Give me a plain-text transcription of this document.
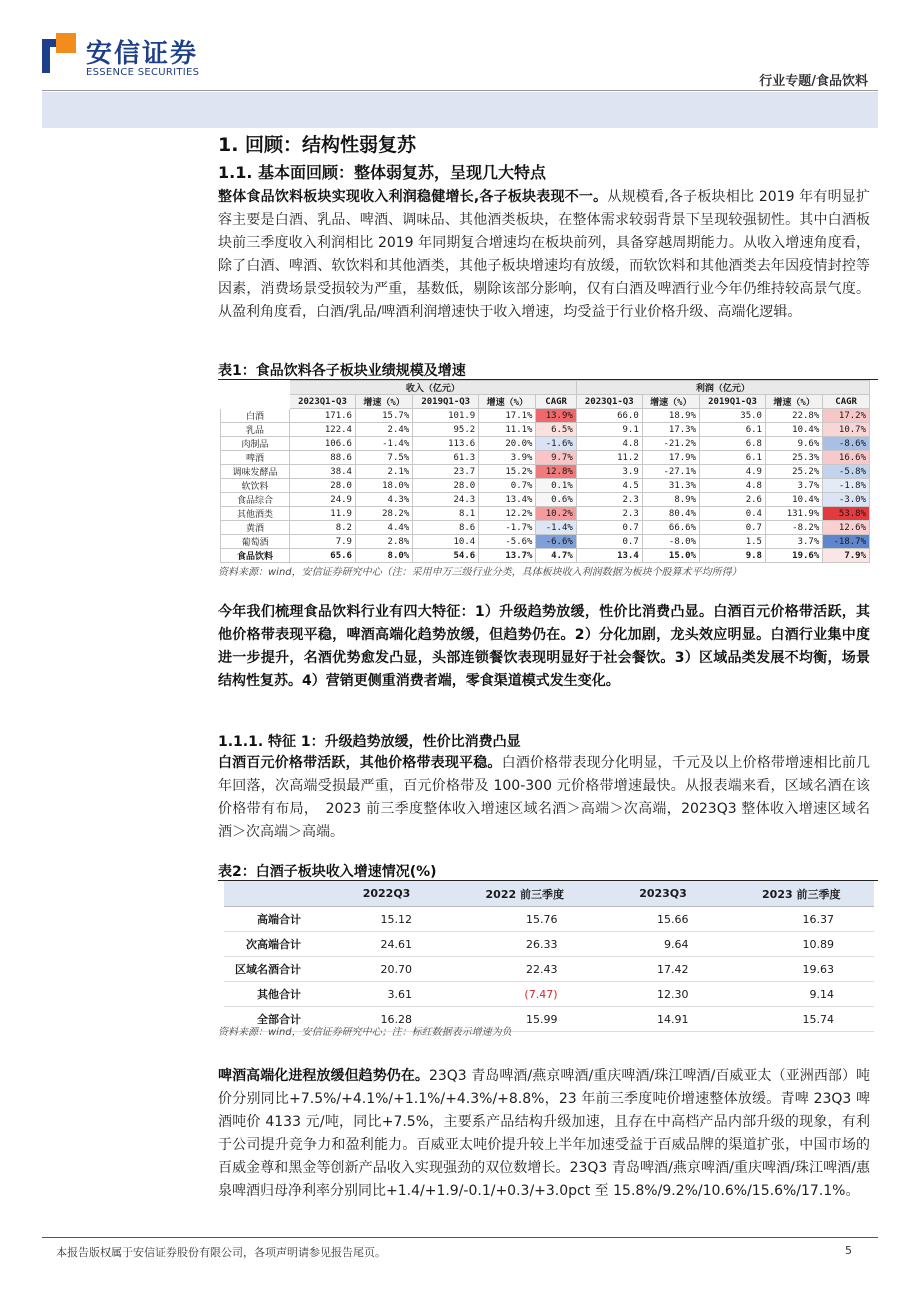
安信证券
ESSENCE SECURITIES
行业专题/食品饮料
1. 回顾：结构性弱复苏
1.1. 基本面回顾：整体弱复苏，呈现几大特点
整体食品饮料板块实现收入利润稳健增长,各子板块表现不一。从规模看,各子板块相比 2019 年有明显扩容主要是白酒、乳品、啤酒、调味品、其他酒类板块，在整体需求较弱背景下呈现较强韧性。其中白酒板块前三季度收入利润相比 2019 年同期复合增速均在板块前列，具备穿越周期能力。从收入增速角度看，除了白酒、啤酒、软饮料和其他酒类，其他子板块增速均有放缓，而软饮料和其他酒类去年因疫情封控等因素，消费场景受损较为严重，基数低，剔除该部分影响，仅有白酒及啤酒行业今年仍维持较高景气度。从盈利角度看，白酒/乳品/啤酒利润增速快于收入增速，均受益于行业价格升级、高端化逻辑。
表1：食品饮料各子板块业绩规模及增速
	收入（亿元）					利润（亿元）				
	2023Q1-Q3	增速（%）	2019Q1-Q3	增速（%）	CAGR	2023Q1-Q3	增速（%）	2019Q1-Q3	增速（%）	CAGR
白酒	171.6	15.7%	101.9	17.1%	13.9%	66.0	18.9%	35.0	22.8%	17.2%
乳品	122.4	2.4%	95.2	11.1%	6.5%	9.1	17.3%	6.1	10.4%	10.7%
肉制品	106.6	-1.4%	113.6	20.0%	-1.6%	4.8	-21.2%	6.8	9.6%	-8.6%
啤酒	88.6	7.5%	61.3	3.9%	9.7%	11.2	17.9%	6.1	25.3%	16.6%
调味发酵品	38.4	2.1%	23.7	15.2%	12.8%	3.9	-27.1%	4.9	25.2%	-5.8%
软饮料	28.0	18.0%	28.0	0.7%	0.1%	4.5	31.3%	4.8	3.7%	-1.8%
食品综合	24.9	4.3%	24.3	13.4%	0.6%	2.3	8.9%	2.6	10.4%	-3.0%
其他酒类	11.9	28.2%	8.1	12.2%	10.2%	2.3	80.4%	0.4	131.9%	53.8%
黄酒	8.2	4.4%	8.6	-1.7%	-1.4%	0.7	66.6%	0.7	-8.2%	12.6%
葡萄酒	7.9	2.8%	10.4	-5.6%	-6.6%	0.7	-8.0%	1.5	3.7%	-18.7%
食品饮料	65.6	8.0%	54.6	13.7%	4.7%	13.4	15.0%	9.8	19.6%	7.9%
资料来源：wind，安信证券研究中心（注：采用申万三级行业分类，具体板块收入利润数据为板块个股算术平均所得）
今年我们梳理食品饮料行业有四大特征：1）升级趋势放缓，性价比消费凸显。白酒百元价格带活跃，其他价格带表现平稳，啤酒高端化趋势放缓，但趋势仍在。2）分化加剧，龙头效应明显。白酒行业集中度进一步提升，名酒优势愈发凸显，头部连锁餐饮表现明显好于社会餐饮。3）区域品类发展不均衡，场景结构性复苏。4）营销更侧重消费者端，零食渠道模式发生变化。
1.1.1. 特征 1：升级趋势放缓，性价比消费凸显
白酒百元价格带活跃，其他价格带表现平稳。白酒价格带表现分化明显，千元及以上价格带增速相比前几年回落，次高端受损最严重，百元价格带及 100-300 元价格带增速最快。从报表端来看，区域名酒在该价格带有布局，　2023 前三季度整体收入增速区域名酒＞高端＞次高端，2023Q3 整体收入增速区域名酒＞次高端＞高端。
表2：白酒子板块收入增速情况(%)
	2022Q3	2022 前三季度	2023Q3	2023 前三季度
高端合计	15.12	15.76	15.66	16.37
次高端合计	24.61	26.33	9.64	10.89
区域名酒合计	20.70	22.43	17.42	19.63
其他合计	3.61	(7.47)	12.30	9.14
全部合计	16.28	15.99	14.91	15.74
资料来源：wind，安信证券研究中心；注：标红数据表示增速为负
啤酒高端化进程放缓但趋势仍在。23Q3 青岛啤酒/燕京啤酒/重庆啤酒/珠江啤酒/百威亚太（亚洲西部）吨价分别同比+7.5%/+4.1%/+1.1%/+4.3%/+8.8%，23 年前三季度吨价增速整体放缓。青啤 23Q3 啤酒吨价 4133 元/吨，同比+7.5%，主要系产品结构升级加速，且存在中高档产品内部升级的现象，有利于公司提升竞争力和盈利能力。百威亚太吨价提升较上半年加速受益于百威品牌的渠道扩张，中国市场的百威金尊和黑金等创新产品收入实现强劲的双位数增长。23Q3 青岛啤酒/燕京啤酒/重庆啤酒/珠江啤酒/惠泉啤酒归母净利率分别同比+1.4/+1.9/-0.1/+0.3/+3.0pct 至 15.8%/9.2%/10.6%/15.6%/17.1%。
本报告版权属于安信证券股份有限公司，各项声明请参见报告尾页。	5
